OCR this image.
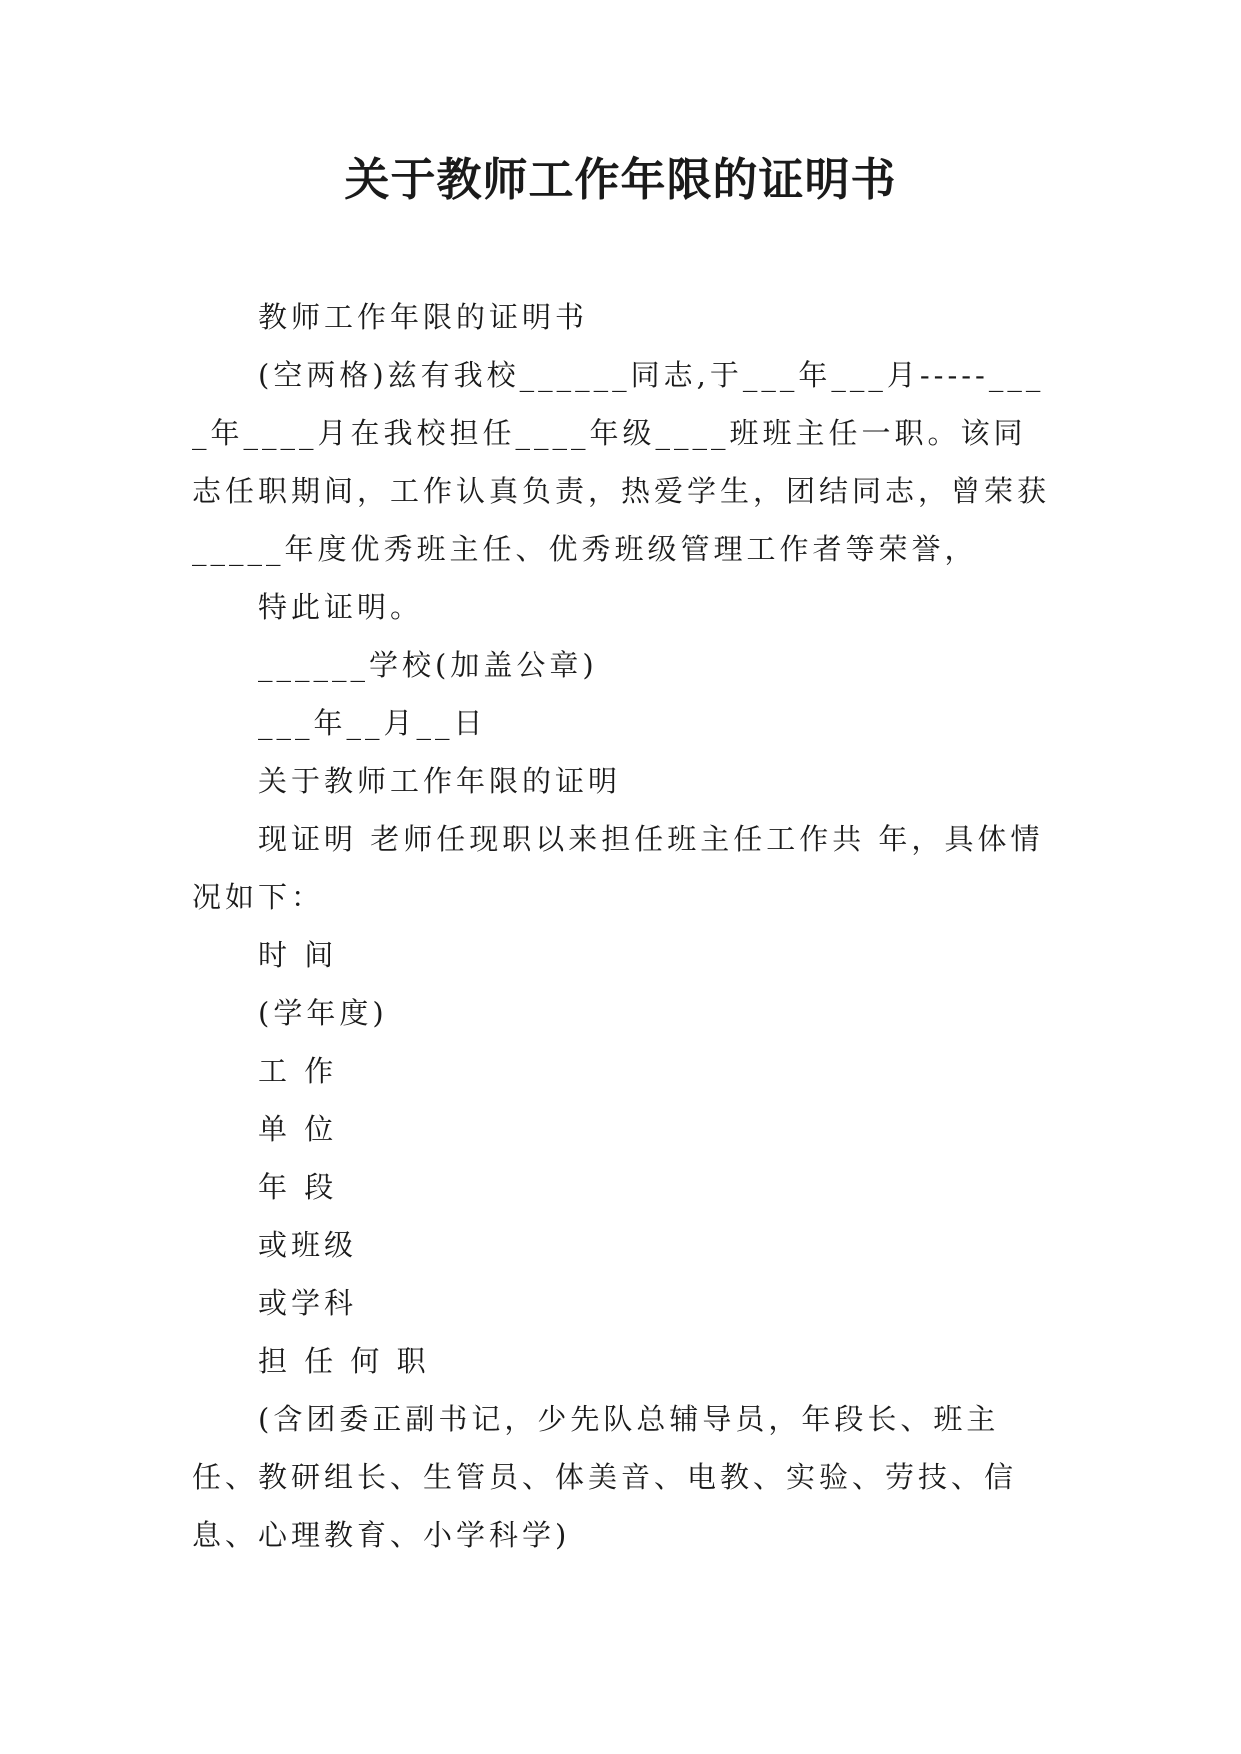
关于教师工作年限的证明书

教师工作年限的证明书

(空两格)兹有我校______同志,于___年___月-----____年____月在我校担任____年级____班班主任一职。该同志任职期间，工作认真负责，热爱学生，团结同志，曾荣获_____年度优秀班主任、优秀班级管理工作者等荣誉，

特此证明。

______学校(加盖公章)

___年__月__日

关于教师工作年限的证明

现证明 老师任现职以来担任班主任工作共 年，具体情况如下：

时 间

(学年度)

工 作

单 位

年 段

或班级

或学科

担 任 何 职

(含团委正副书记，少先队总辅导员，年段长、班主任、教研组长、生管员、体美音、电教、实验、劳技、信息、心理教育、小学科学)
